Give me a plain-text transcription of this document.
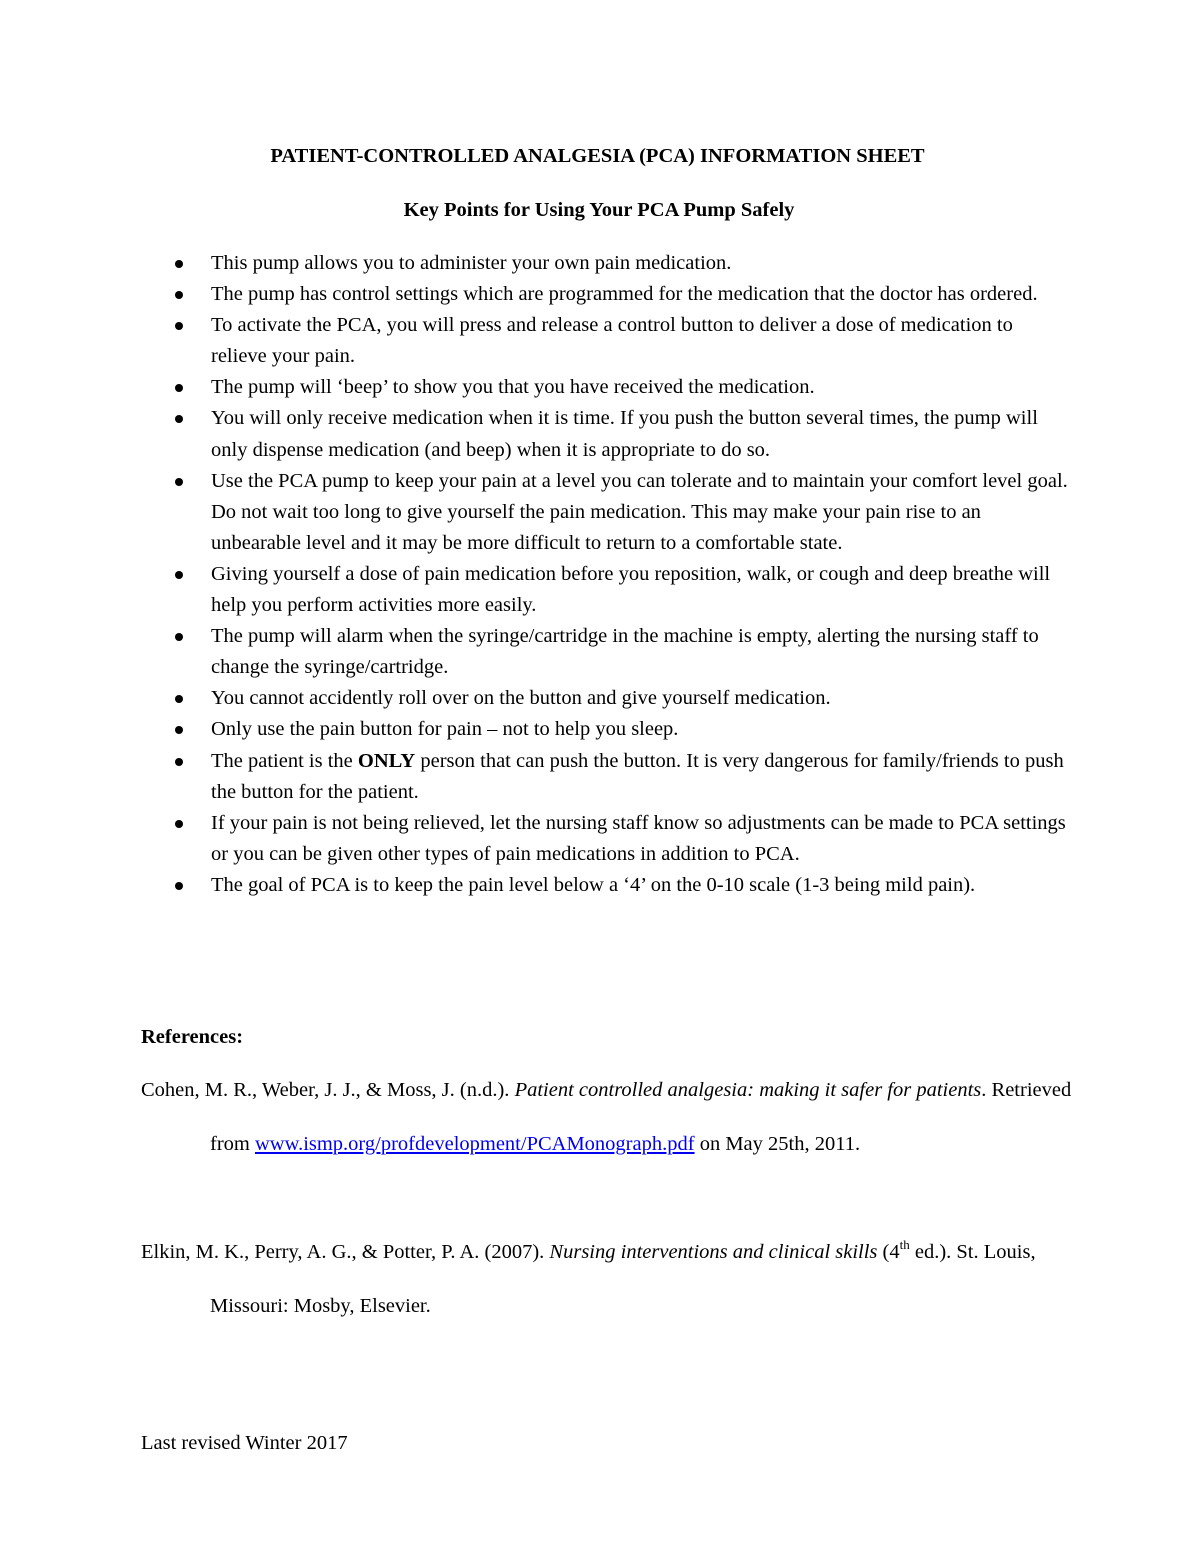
PATIENT-CONTROLLED ANALGESIA (PCA) INFORMATION SHEET
Key Points for Using Your PCA Pump Safely
This pump allows you to administer your own pain medication.
The pump has control settings which are programmed for the medication that the doctor has ordered.
To activate the PCA, you will press and release a control button to deliver a dose of medication to relieve your pain.
The pump will ‘beep’ to show you that you have received the medication.
You will only receive medication when it is time. If you push the button several times, the pump will only dispense medication (and beep) when it is appropriate to do so.
Use the PCA pump to keep your pain at a level you can tolerate and to maintain your comfort level goal. Do not wait too long to give yourself the pain medication. This may make your pain rise to an unbearable level and it may be more difficult to return to a comfortable state.
Giving yourself a dose of pain medication before you reposition, walk, or cough and deep breathe will help you perform activities more easily.
The pump will alarm when the syringe/cartridge in the machine is empty, alerting the nursing staff to change the syringe/cartridge.
You cannot accidently roll over on the button and give yourself medication.
Only use the pain button for pain – not to help you sleep.
The patient is the ONLY person that can push the button. It is very dangerous for family/friends to push the button for the patient.
If your pain is not being relieved, let the nursing staff know so adjustments can be made to PCA settings or you can be given other types of pain medications in addition to PCA.
The goal of PCA is to keep the pain level below a ‘4’ on the 0-10 scale (1-3 being mild pain).
References:

Cohen, M. R., Weber, J. J., & Moss, J. (n.d.). Patient controlled analgesia: making it safer for patients. Retrieved from www.ismp.org/profdevelopment/PCAMonograph.pdf on May 25th, 2011.

Elkin, M. K., Perry, A. G., & Potter, P. A. (2007). Nursing interventions and clinical skills (4th ed.). St. Louis, Missouri: Mosby, Elsevier.

Last revised Winter 2017
